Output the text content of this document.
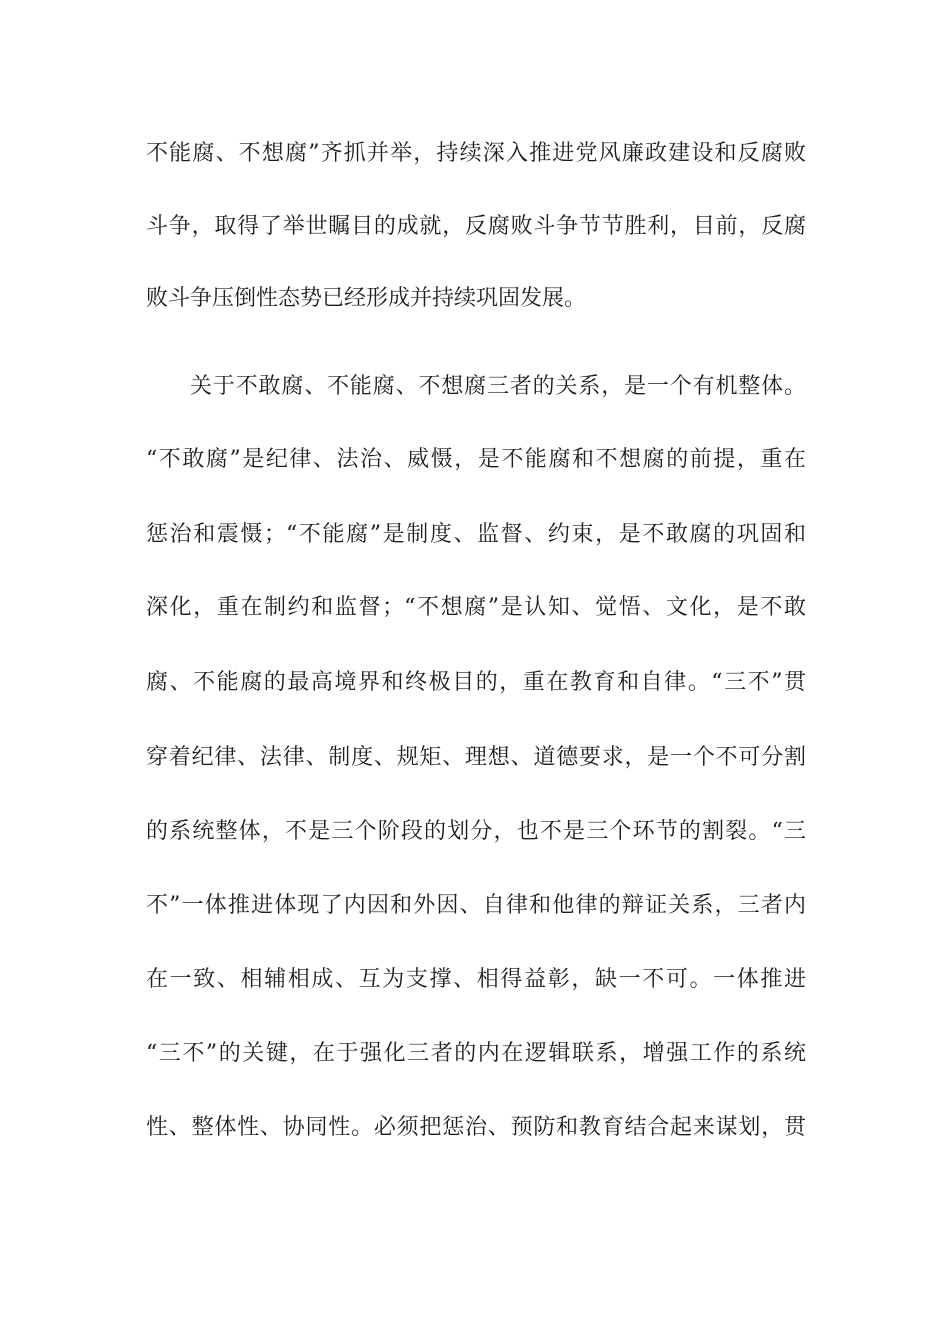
不能腐、不想腐”齐抓并举，持续深入推进党风廉政建设和反腐败
斗争，取得了举世瞩目的成就，反腐败斗争节节胜利，目前，反腐
败斗争压倒性态势已经形成并持续巩固发展。
关于不敢腐、不能腐、不想腐三者的关系，是一个有机整体。
“不敢腐”是纪律、法治、威慑，是不能腐和不想腐的前提，重在
惩治和震慑；“不能腐”是制度、监督、约束，是不敢腐的巩固和
深化，重在制约和监督；“不想腐”是认知、觉悟、文化，是不敢
腐、不能腐的最高境界和终极目的，重在教育和自律。“三不”贯
穿着纪律、法律、制度、规矩、理想、道德要求，是一个不可分割
的系统整体，不是三个阶段的划分，也不是三个环节的割裂。“三
不”一体推进体现了内因和外因、自律和他律的辩证关系，三者内
在一致、相辅相成、互为支撑、相得益彰，缺一不可。一体推进
“三不”的关键，在于强化三者的内在逻辑联系，增强工作的系统
性、整体性、协同性。必须把惩治、预防和教育结合起来谋划，贯
